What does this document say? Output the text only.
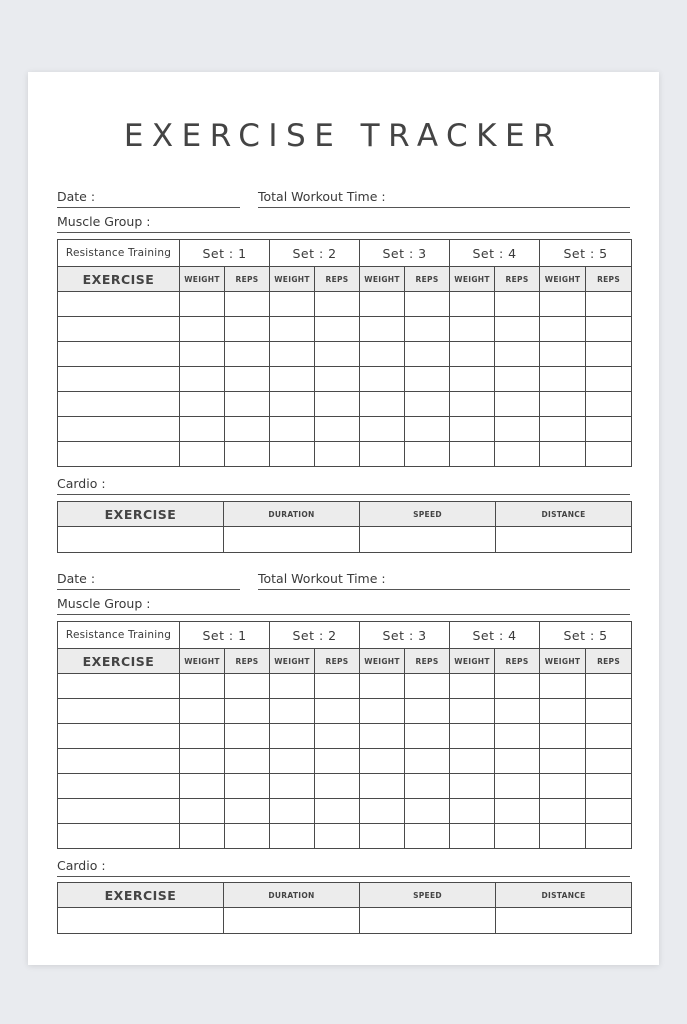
EXERCISE TRACKER
Date :	Total Workout Time :
Muscle Group :
Resistance Training	Set : 1		Set : 2		Set : 3		Set : 4		Set : 5	
EXERCISE	WEIGHT	REPS	WEIGHT	REPS	WEIGHT	REPS	WEIGHT	REPS	WEIGHT	REPS

Cardio :
EXERCISE	DURATION	SPEED	DISTANCE

Date :	Total Workout Time :
Muscle Group :
Resistance Training	Set : 1		Set : 2		Set : 3		Set : 4		Set : 5	
EXERCISE	WEIGHT	REPS	WEIGHT	REPS	WEIGHT	REPS	WEIGHT	REPS	WEIGHT	REPS

Cardio :
EXERCISE	DURATION	SPEED	DISTANCE
